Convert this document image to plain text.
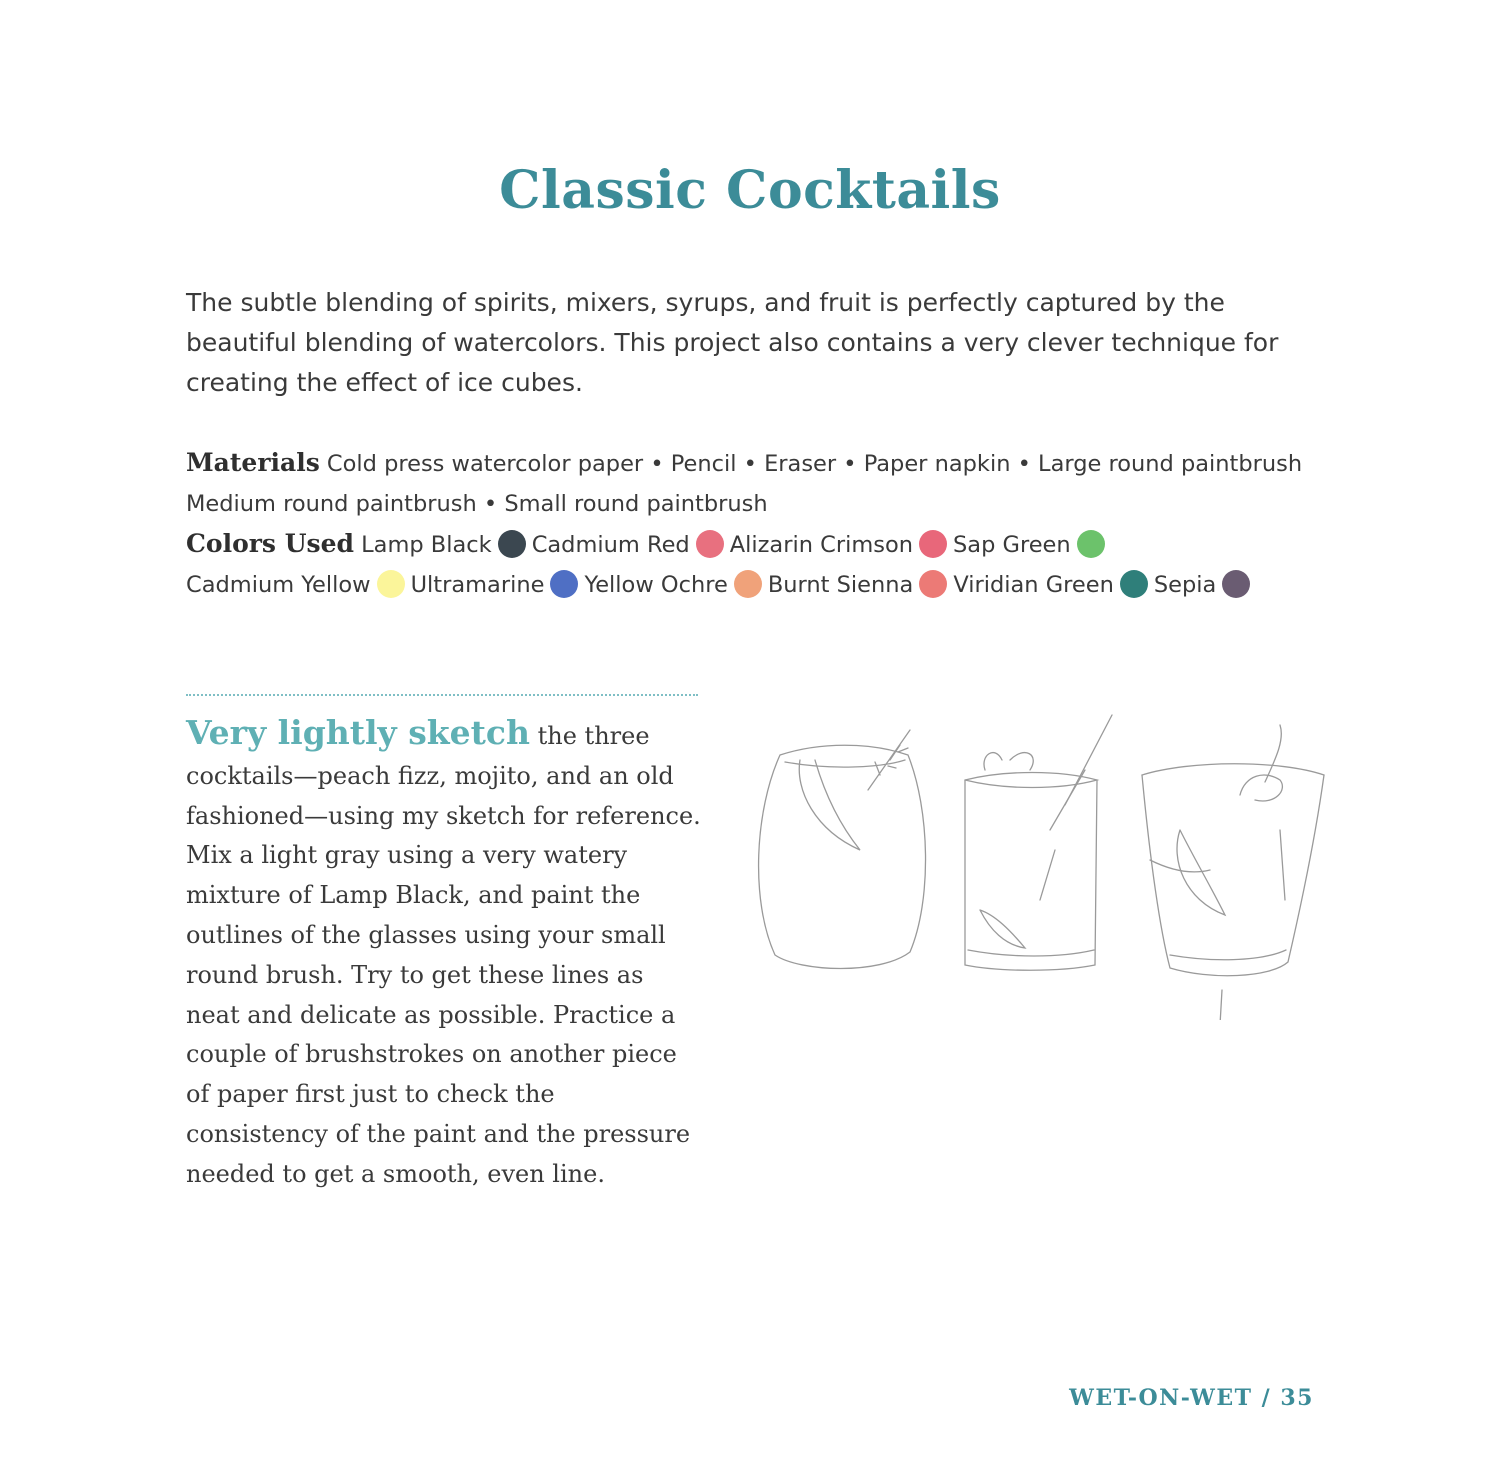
Classic Cocktails

The subtle blending of spirits, mixers, syrups, and fruit is perfectly captured by the beautiful blending of watercolors. This project also contains a very clever technique for creating the effect of ice cubes.

Materials Cold press watercolor paper • Pencil • Eraser • Paper napkin • Large round paintbrush
Medium round paintbrush • Small round paintbrush
Colors Used Lamp Black Cadmium Red Alizarin Crimson Sap Green
Cadmium Yellow Ultramarine Yellow Ochre Burnt Sienna Viridian Green Sepia

Very lightly sketch the three cocktails—peach fizz, mojito, and an old fashioned—using my sketch for reference. Mix a light gray using a very watery mixture of Lamp Black, and paint the outlines of the glasses using your small round brush. Try to get these lines as neat and delicate as possible. Practice a couple of brushstrokes on another piece of paper first just to check the consistency of the paint and the pressure needed to get a smooth, even line.

WET-ON-WET / 35
